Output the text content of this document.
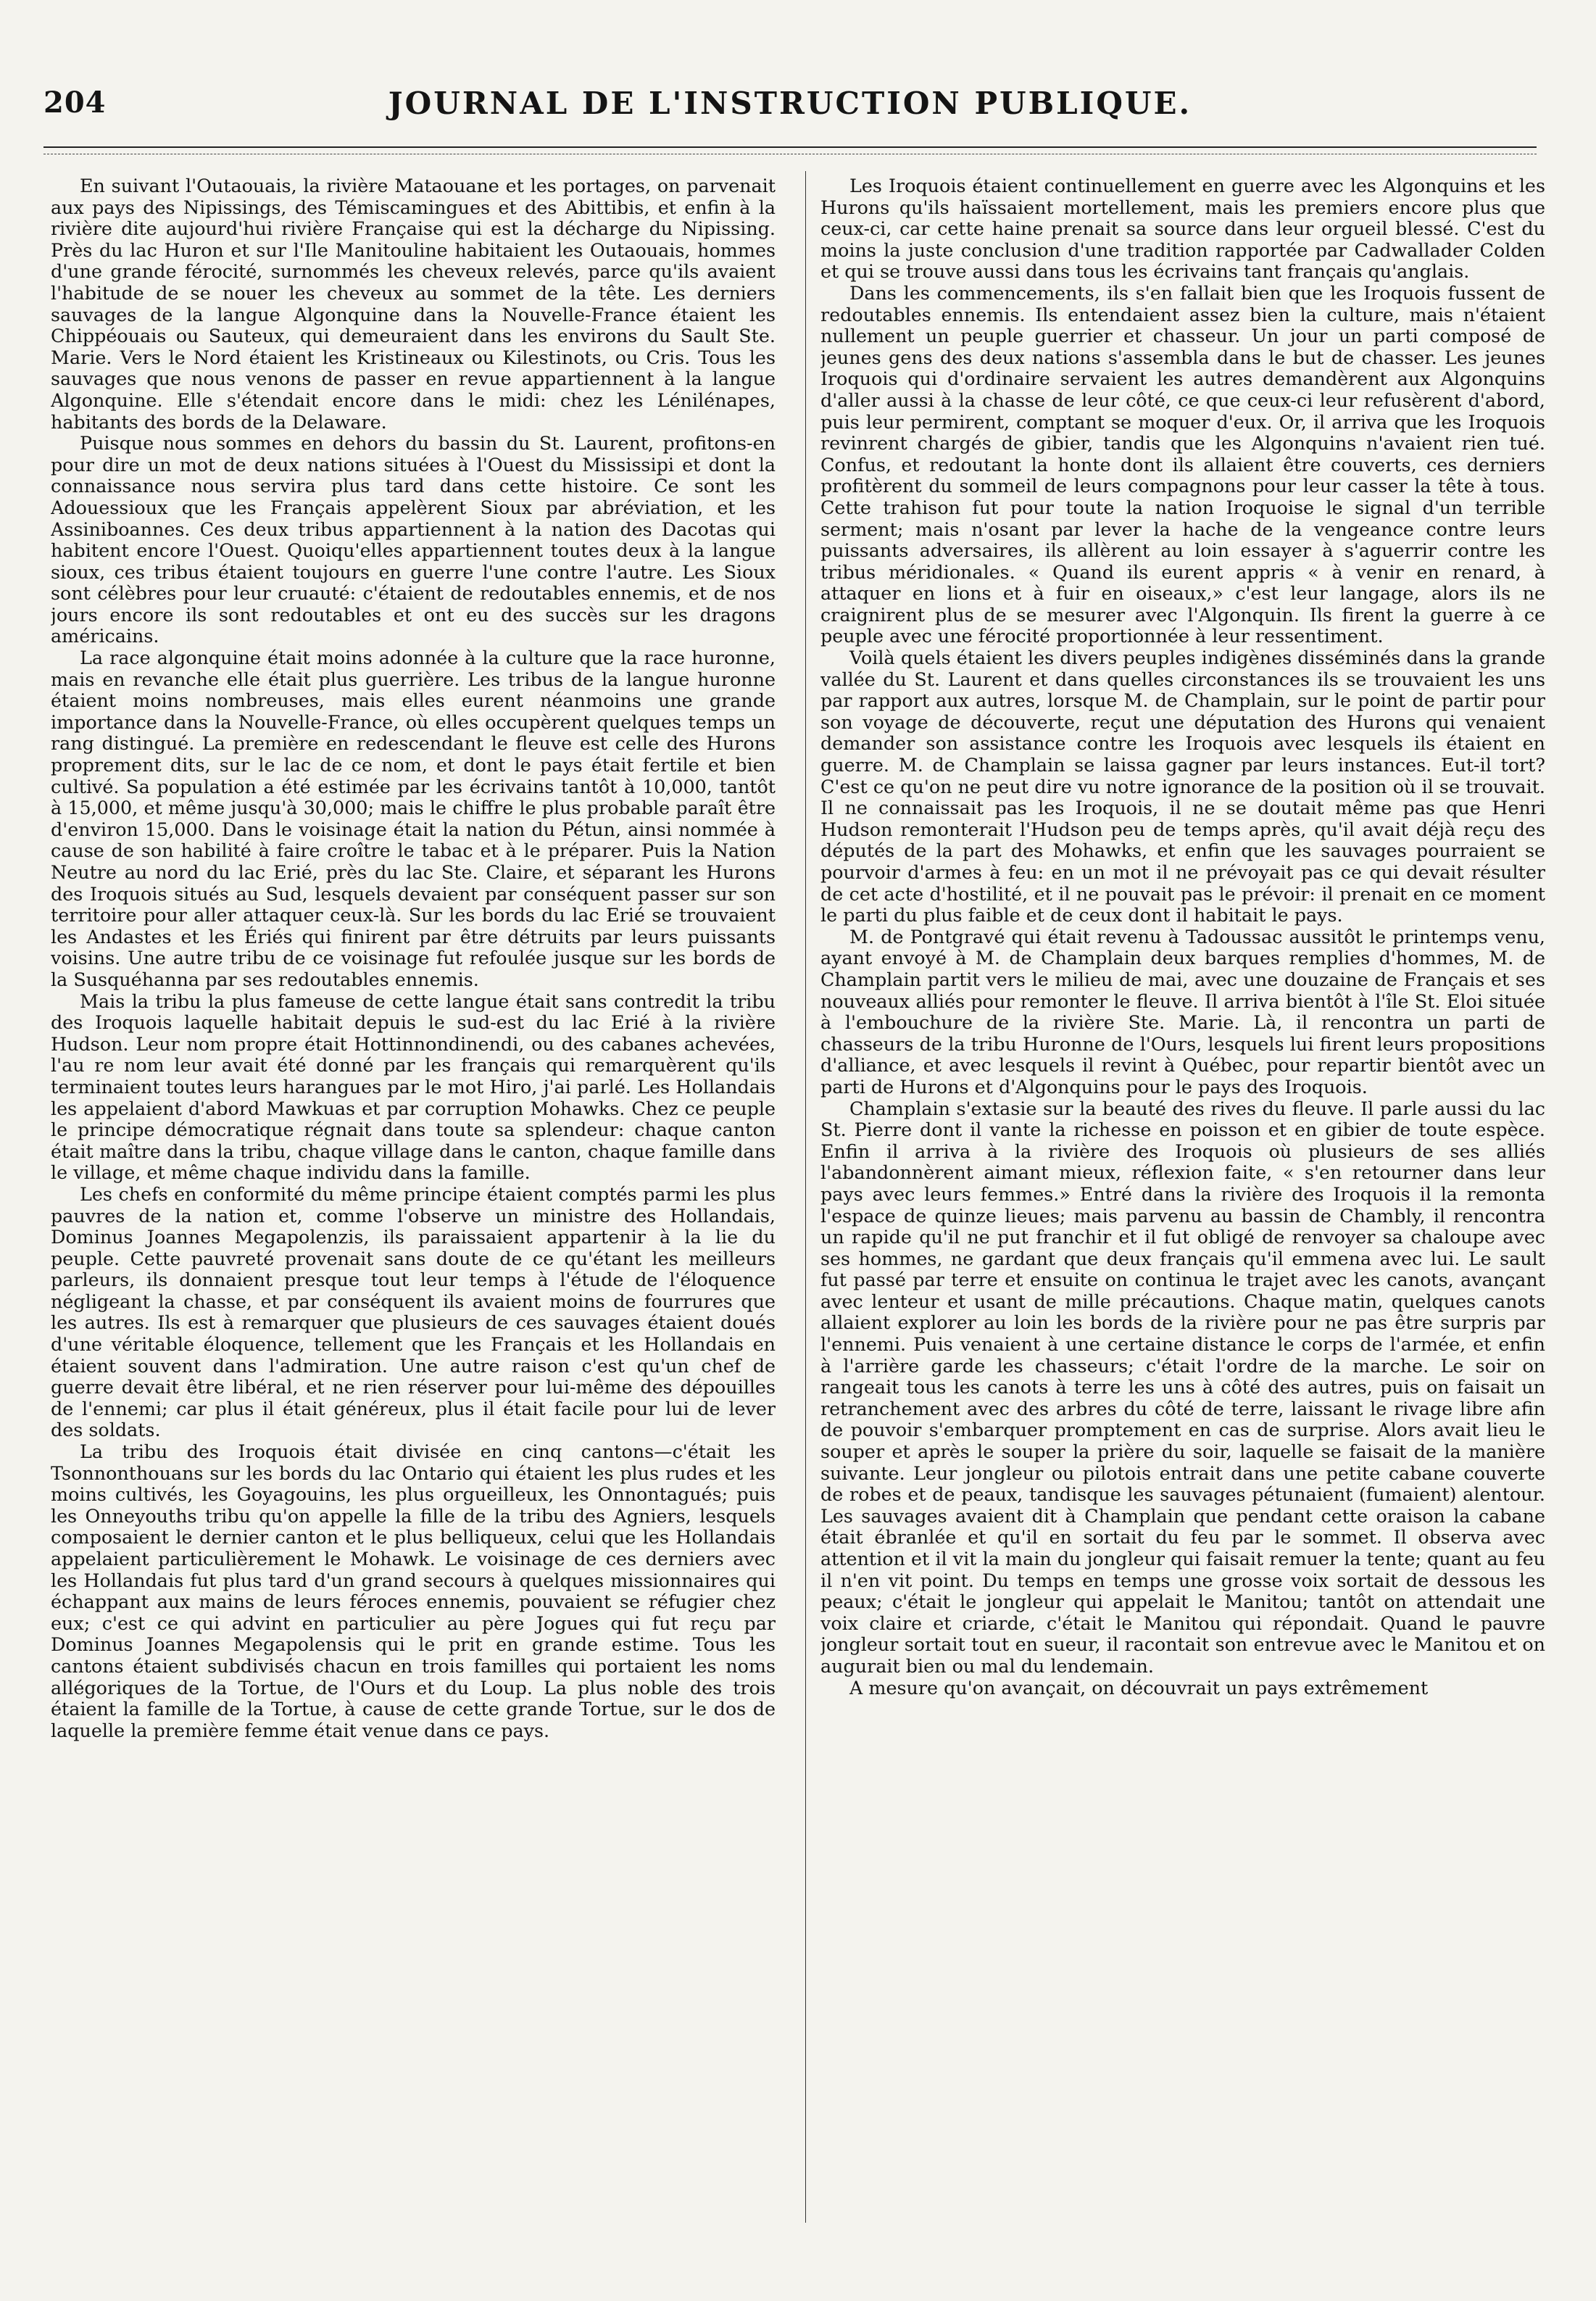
204	JOURNAL DE L'INSTRUCTION PUBLIQUE.

En suivant l'Outaouais, la rivière Mataouane et les portages, on parvenait aux pays des Nipissings, des Témiscamingues et des Abittibis, et enfin à la rivière dite aujourd'hui rivière Française qui est la décharge du Nipissing. Près du lac Huron et sur l'Ile Manitouline habitaient les Outaouais, hommes d'une grande férocité, surnommés les cheveux relevés, parce qu'ils avaient l'habitude de se nouer les cheveux au sommet de la tête. Les derniers sauvages de la langue Algonquine dans la Nouvelle-France étaient les Chippéouais ou Sauteux, qui demeuraient dans les environs du Sault Ste. Marie. Vers le Nord étaient les Kristineaux ou Kilestinots, ou Cris. Tous les sauvages que nous venons de passer en revue appartiennent à la langue Algonquine. Elle s'étendait encore dans le midi: chez les Lénilénapes, habitants des bords de la Delaware.

Puisque nous sommes en dehors du bassin du St. Laurent, profitons-en pour dire un mot de deux nations situées à l'Ouest du Mississipi et dont la connaissance nous servira plus tard dans cette histoire. Ce sont les Adouessioux que les Français appelèrent Sioux par abréviation, et les Assiniboannes. Ces deux tribus appartiennent à la nation des Dacotas qui habitent encore l'Ouest. Quoiqu'elles appartiennent toutes deux à la langue sioux, ces tribus étaient toujours en guerre l'une contre l'autre. Les Sioux sont célèbres pour leur cruauté: c'étaient de redoutables ennemis, et de nos jours encore ils sont redoutables et ont eu des succès sur les dragons américains.

La race algonquine était moins adonnée à la culture que la race huronne, mais en revanche elle était plus guerrière. Les tribus de la langue huronne étaient moins nombreuses, mais elles eurent néanmoins une grande importance dans la Nouvelle-France, où elles occupèrent quelques temps un rang distingué. La première en redescendant le fleuve est celle des Hurons proprement dits, sur le lac de ce nom, et dont le pays était fertile et bien cultivé. Sa population a été estimée par les écrivains tantôt à 10,000, tantôt à 15,000, et même jusqu'à 30,000; mais le chiffre le plus probable paraît être d'environ 15,000. Dans le voisinage était la nation du Pétun, ainsi nommée à cause de son habilité à faire croître le tabac et à le préparer. Puis la Nation Neutre au nord du lac Erié, près du lac Ste. Claire, et séparant les Hurons des Iroquois situés au Sud, lesquels devaient par conséquent passer sur son territoire pour aller attaquer ceux-là. Sur les bords du lac Erié se trouvaient les Andastes et les Ériés qui finirent par être détruits par leurs puissants voisins. Une autre tribu de ce voisinage fut refoulée jusque sur les bords de la Susquéhanna par ses redoutables ennemis.

Mais la tribu la plus fameuse de cette langue était sans contredit la tribu des Iroquois laquelle habitait depuis le sud-est du lac Erié à la rivière Hudson. Leur nom propre était Hottinnondinendi, ou des cabanes achevées, l'au re nom leur avait été donné par les français qui remarquèrent qu'ils terminaient toutes leurs harangues par le mot Hiro, j'ai parlé. Les Hollandais les appelaient d'abord Mawkuas et par corruption Mohawks. Chez ce peuple le principe démocratique régnait dans toute sa splendeur: chaque canton était maître dans la tribu, chaque village dans le canton, chaque famille dans le village, et même chaque individu dans la famille.

Les chefs en conformité du même principe étaient comptés parmi les plus pauvres de la nation et, comme l'observe un ministre des Hollandais, Dominus Joannes Megapolenzis, ils paraissaient appartenir à la lie du peuple. Cette pauvreté provenait sans doute de ce qu'étant les meilleurs parleurs, ils donnaient presque tout leur temps à l'étude de l'éloquence négligeant la chasse, et par conséquent ils avaient moins de fourrures que les autres. Ils est à remarquer que plusieurs de ces sauvages étaient doués d'une véritable éloquence, tellement que les Français et les Hollandais en étaient souvent dans l'admiration. Une autre raison c'est qu'un chef de guerre devait être libéral, et ne rien réserver pour lui-même des dépouilles de l'ennemi; car plus il était généreux, plus il était facile pour lui de lever des soldats.

La tribu des Iroquois était divisée en cinq cantons—c'était les Tsonnonthouans sur les bords du lac Ontario qui étaient les plus rudes et les moins cultivés, les Goyagouins, les plus orgueilleux, les Onnontagués; puis les Onneyouths tribu qu'on appelle la fille de la tribu des Agniers, lesquels composaient le dernier canton et le plus belliqueux, celui que les Hollandais appelaient particulièrement le Mohawk. Le voisinage de ces derniers avec les Hollandais fut plus tard d'un grand secours à quelques missionnaires qui échappant aux mains de leurs féroces ennemis, pouvaient se réfugier chez eux; c'est ce qui advint en particulier au père Jogues qui fut reçu par Dominus Joannes Megapolensis qui le prit en grande estime. Tous les cantons étaient subdivisés chacun en trois familles qui portaient les noms allégoriques de la Tortue, de l'Ours et du Loup. La plus noble des trois étaient la famille de la Tortue, à cause de cette grande Tortue, sur le dos de laquelle la première femme était venue dans ce pays.

Les Iroquois étaient continuellement en guerre avec les Algonquins et les Hurons qu'ils haïssaient mortellement, mais les premiers encore plus que ceux-ci, car cette haine prenait sa source dans leur orgueil blessé. C'est du moins la juste conclusion d'une tradition rapportée par Cadwallader Colden et qui se trouve aussi dans tous les écrivains tant français qu'anglais.

Dans les commencements, ils s'en fallait bien que les Iroquois fussent de redoutables ennemis. Ils entendaient assez bien la culture, mais n'étaient nullement un peuple guerrier et chasseur. Un jour un parti composé de jeunes gens des deux nations s'assembla dans le but de chasser. Les jeunes Iroquois qui d'ordinaire servaient les autres demandèrent aux Algonquins d'aller aussi à la chasse de leur côté, ce que ceux-ci leur refusèrent d'abord, puis leur permirent, comptant se moquer d'eux. Or, il arriva que les Iroquois revinrent chargés de gibier, tandis que les Algonquins n'avaient rien tué. Confus, et redoutant la honte dont ils allaient être couverts, ces derniers profitèrent du sommeil de leurs compagnons pour leur casser la tête à tous. Cette trahison fut pour toute la nation Iroquoise le signal d'un terrible serment; mais n'osant par lever la hache de la vengeance contre leurs puissants adversaires, ils allèrent au loin essayer à s'aguerrir contre les tribus méridionales. « Quand ils eurent appris « à venir en renard, à attaquer en lions et à fuir en oiseaux,» c'est leur langage, alors ils ne craignirent plus de se mesurer avec l'Algonquin. Ils firent la guerre à ce peuple avec une férocité proportionnée à leur ressentiment.

Voilà quels étaient les divers peuples indigènes disséminés dans la grande vallée du St. Laurent et dans quelles circonstances ils se trouvaient les uns par rapport aux autres, lorsque M. de Champlain, sur le point de partir pour son voyage de découverte, reçut une députation des Hurons qui venaient demander son assistance contre les Iroquois avec lesquels ils étaient en guerre. M. de Champlain se laissa gagner par leurs instances. Eut-il tort? C'est ce qu'on ne peut dire vu notre ignorance de la position où il se trouvait. Il ne connaissait pas les Iroquois, il ne se doutait même pas que Henri Hudson remonterait l'Hudson peu de temps après, qu'il avait déjà reçu des députés de la part des Mohawks, et enfin que les sauvages pourraient se pourvoir d'armes à feu: en un mot il ne prévoyait pas ce qui devait résulter de cet acte d'hostilité, et il ne pouvait pas le prévoir: il prenait en ce moment le parti du plus faible et de ceux dont il habitait le pays.

M. de Pontgravé qui était revenu à Tadoussac aussitôt le printemps venu, ayant envoyé à M. de Champlain deux barques remplies d'hommes, M. de Champlain partit vers le milieu de mai, avec une douzaine de Français et ses nouveaux alliés pour remonter le fleuve. Il arriva bientôt à l'île St. Eloi située à l'embouchure de la rivière Ste. Marie. Là, il rencontra un parti de chasseurs de la tribu Huronne de l'Ours, lesquels lui firent leurs propositions d'alliance, et avec lesquels il revint à Québec, pour repartir bientôt avec un parti de Hurons et d'Algonquins pour le pays des Iroquois.

Champlain s'extasie sur la beauté des rives du fleuve. Il parle aussi du lac St. Pierre dont il vante la richesse en poisson et en gibier de toute espèce. Enfin il arriva à la rivière des Iroquois où plusieurs de ses alliés l'abandonnèrent aimant mieux, réflexion faite, « s'en retourner dans leur pays avec leurs femmes.» Entré dans la rivière des Iroquois il la remonta l'espace de quinze lieues; mais parvenu au bassin de Chambly, il rencontra un rapide qu'il ne put franchir et il fut obligé de renvoyer sa chaloupe avec ses hommes, ne gardant que deux français qu'il emmena avec lui. Le sault fut passé par terre et ensuite on continua le trajet avec les canots, avançant avec lenteur et usant de mille précautions. Chaque matin, quelques canots allaient explorer au loin les bords de la rivière pour ne pas être surpris par l'ennemi. Puis venaient à une certaine distance le corps de l'armée, et enfin à l'arrière garde les chasseurs; c'était l'ordre de la marche. Le soir on rangeait tous les canots à terre les uns à côté des autres, puis on faisait un retranchement avec des arbres du côté de terre, laissant le rivage libre afin de pouvoir s'embarquer promptement en cas de surprise. Alors avait lieu le souper et après le souper la prière du soir, laquelle se faisait de la manière suivante. Leur jongleur ou pilotois entrait dans une petite cabane couverte de robes et de peaux, tandisque les sauvages pétunaient (fumaient) alentour. Les sauvages avaient dit à Champlain que pendant cette oraison la cabane était ébranlée et qu'il en sortait du feu par le sommet. Il observa avec attention et il vit la main du jongleur qui faisait remuer la tente; quant au feu il n'en vit point. Du temps en temps une grosse voix sortait de dessous les peaux; c'était le jongleur qui appelait le Manitou; tantôt on attendait une voix claire et criarde, c'était le Manitou qui répondait. Quand le pauvre jongleur sortait tout en sueur, il racontait son entrevue avec le Manitou et on augurait bien ou mal du lendemain.

A mesure qu'on avançait, on découvrait un pays extrêmement
